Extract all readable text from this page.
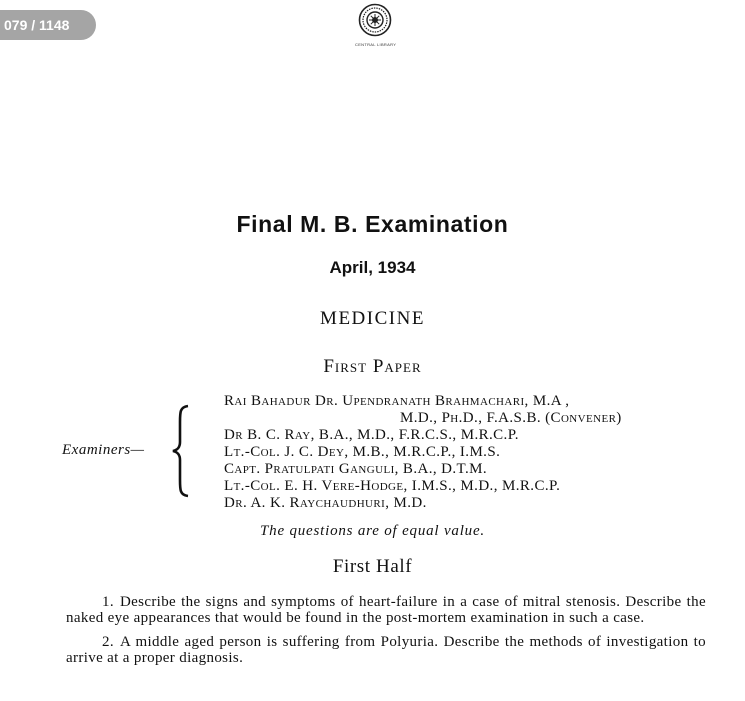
079 / 1148
CENTRAL LIBRARY
Final M. B. Examination
April, 1934
MEDICINE
First Paper
Examiners—
Rai Bahadur Dr. Upendranath Brahmachari, M.A ,
M.D., Ph.D., F.A.S.B. (Convener)
Dr B. C. Ray, B.A., M.D., F.R.C.S., M.R.C.P.
Lt.-Col. J. C. Dey, M.B., M.R.C.P., I.M.S.
Capt. Pratulpati Ganguli, B.A., D.T.M.
Lt.-Col. E. H. Vere-Hodge, I.M.S., M.D., M.R.C.P.
Dr. A. K. Raychaudhuri, M.D.
The questions are of equal value.
First Half

1. Describe the signs and symptoms of heart-failure in a case of mitral stenosis. Describe the naked eye appearances that would be found in the post-mortem examination in such a case.

2. A middle aged person is suffering from Polyuria. Describe the methods of investigation to arrive at a proper diagnosis.
